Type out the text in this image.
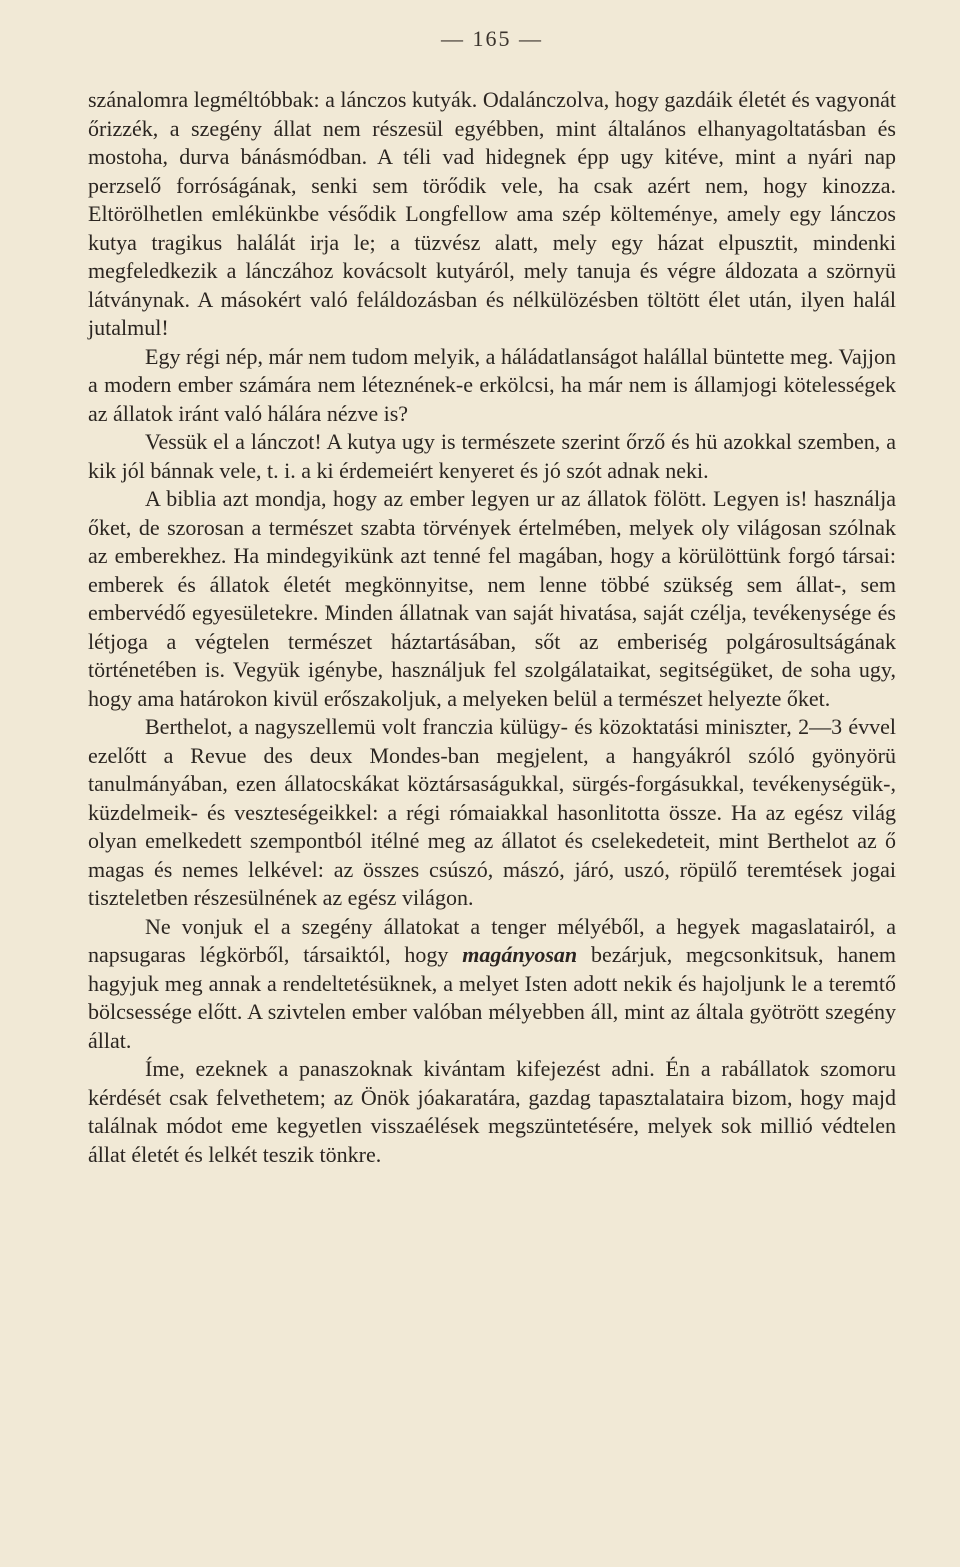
— 165 —

szánalomra legméltóbbak: a lánczos kutyák. Odalánczolva, hogy gazdáik életét és vagyonát őrizzék, a szegény állat nem részesül egyébben, mint általános elhanyagoltatásban és mostoha, durva bánásmódban. A téli vad hidegnek épp ugy kitéve, mint a nyári nap perzselő forróságának, senki sem törődik vele, ha csak azért nem, hogy kinozza. Eltörölhetlen emlékünkbe vésődik Longfellow ama szép költeménye, amely egy lánczos kutya tragikus halálát irja le; a tüzvész alatt, mely egy házat elpusztit, mindenki megfeledkezik a lánczához kovácsolt kutyáról, mely tanuja és végre áldozata a szörnyü látványnak. A másokért való feláldozásban és nélkülözésben töltött élet után, ilyen halál jutalmul!

Egy régi nép, már nem tudom melyik, a háládatlanságot halállal büntette meg. Vajjon a modern ember számára nem léteznének-e erkölcsi, ha már nem is államjogi kötelességek az állatok iránt való hálára nézve is?

Vessük el a lánczot! A kutya ugy is természete szerint őrző és hü azokkal szemben, a kik jól bánnak vele, t. i. a ki érdemeiért kenyeret és jó szót adnak neki.

A biblia azt mondja, hogy az ember legyen ur az állatok fölött. Legyen is! használja őket, de szorosan a természet szabta törvények értelmében, melyek oly világosan szólnak az emberekhez. Ha mindegyikünk azt tenné fel magában, hogy a körülöttünk forgó társai: emberek és állatok életét megkönnyitse, nem lenne többé szükség sem állat-, sem embervédő egyesületekre. Minden állatnak van saját hivatása, saját czélja, tevékenysége és létjoga a végtelen természet háztartásában, sőt az emberiség polgárosultságának történetében is. Vegyük igénybe, használjuk fel szolgálataikat, segitségüket, de soha ugy, hogy ama határokon kivül erőszakoljuk, a melyeken belül a természet helyezte őket.

Berthelot, a nagyszellemü volt franczia külügy- és közoktatási miniszter, 2—3 évvel ezelőtt a Revue des deux Mondes-ban megjelent, a hangyákról szóló gyönyörü tanulmányában, ezen állatocskákat köztársaságukkal, sürgés-forgásukkal, tevékenységük-, küzdelmeik- és veszteségeikkel: a régi rómaiakkal hasonlitotta össze. Ha az egész világ olyan emelkedett szempontból itélné meg az állatot és cselekedeteit, mint Berthelot az ő magas és nemes lelkével: az összes csúszó, mászó, járó, uszó, röpülő teremtések jogai tiszteletben részesülnének az egész világon.

Ne vonjuk el a szegény állatokat a tenger mélyéből, a hegyek magaslatairól, a napsugaras légkörből, társaiktól, hogy magányosan bezárjuk, megcsonkitsuk, hanem hagyjuk meg annak a rendeltetésüknek, a melyet Isten adott nekik és hajoljunk le a teremtő bölcsessége előtt. A szivtelen ember valóban mélyebben áll, mint az általa gyötrött szegény állat.

Íme, ezeknek a panaszoknak kivántam kifejezést adni. Én a rabállatok szomoru kérdését csak felvethetem; az Önök jóakaratára, gazdag tapasztalataira bizom, hogy majd találnak módot eme kegyetlen visszaélések megszüntetésére, melyek sok millió védtelen állat életét és lelkét teszik tönkre.
